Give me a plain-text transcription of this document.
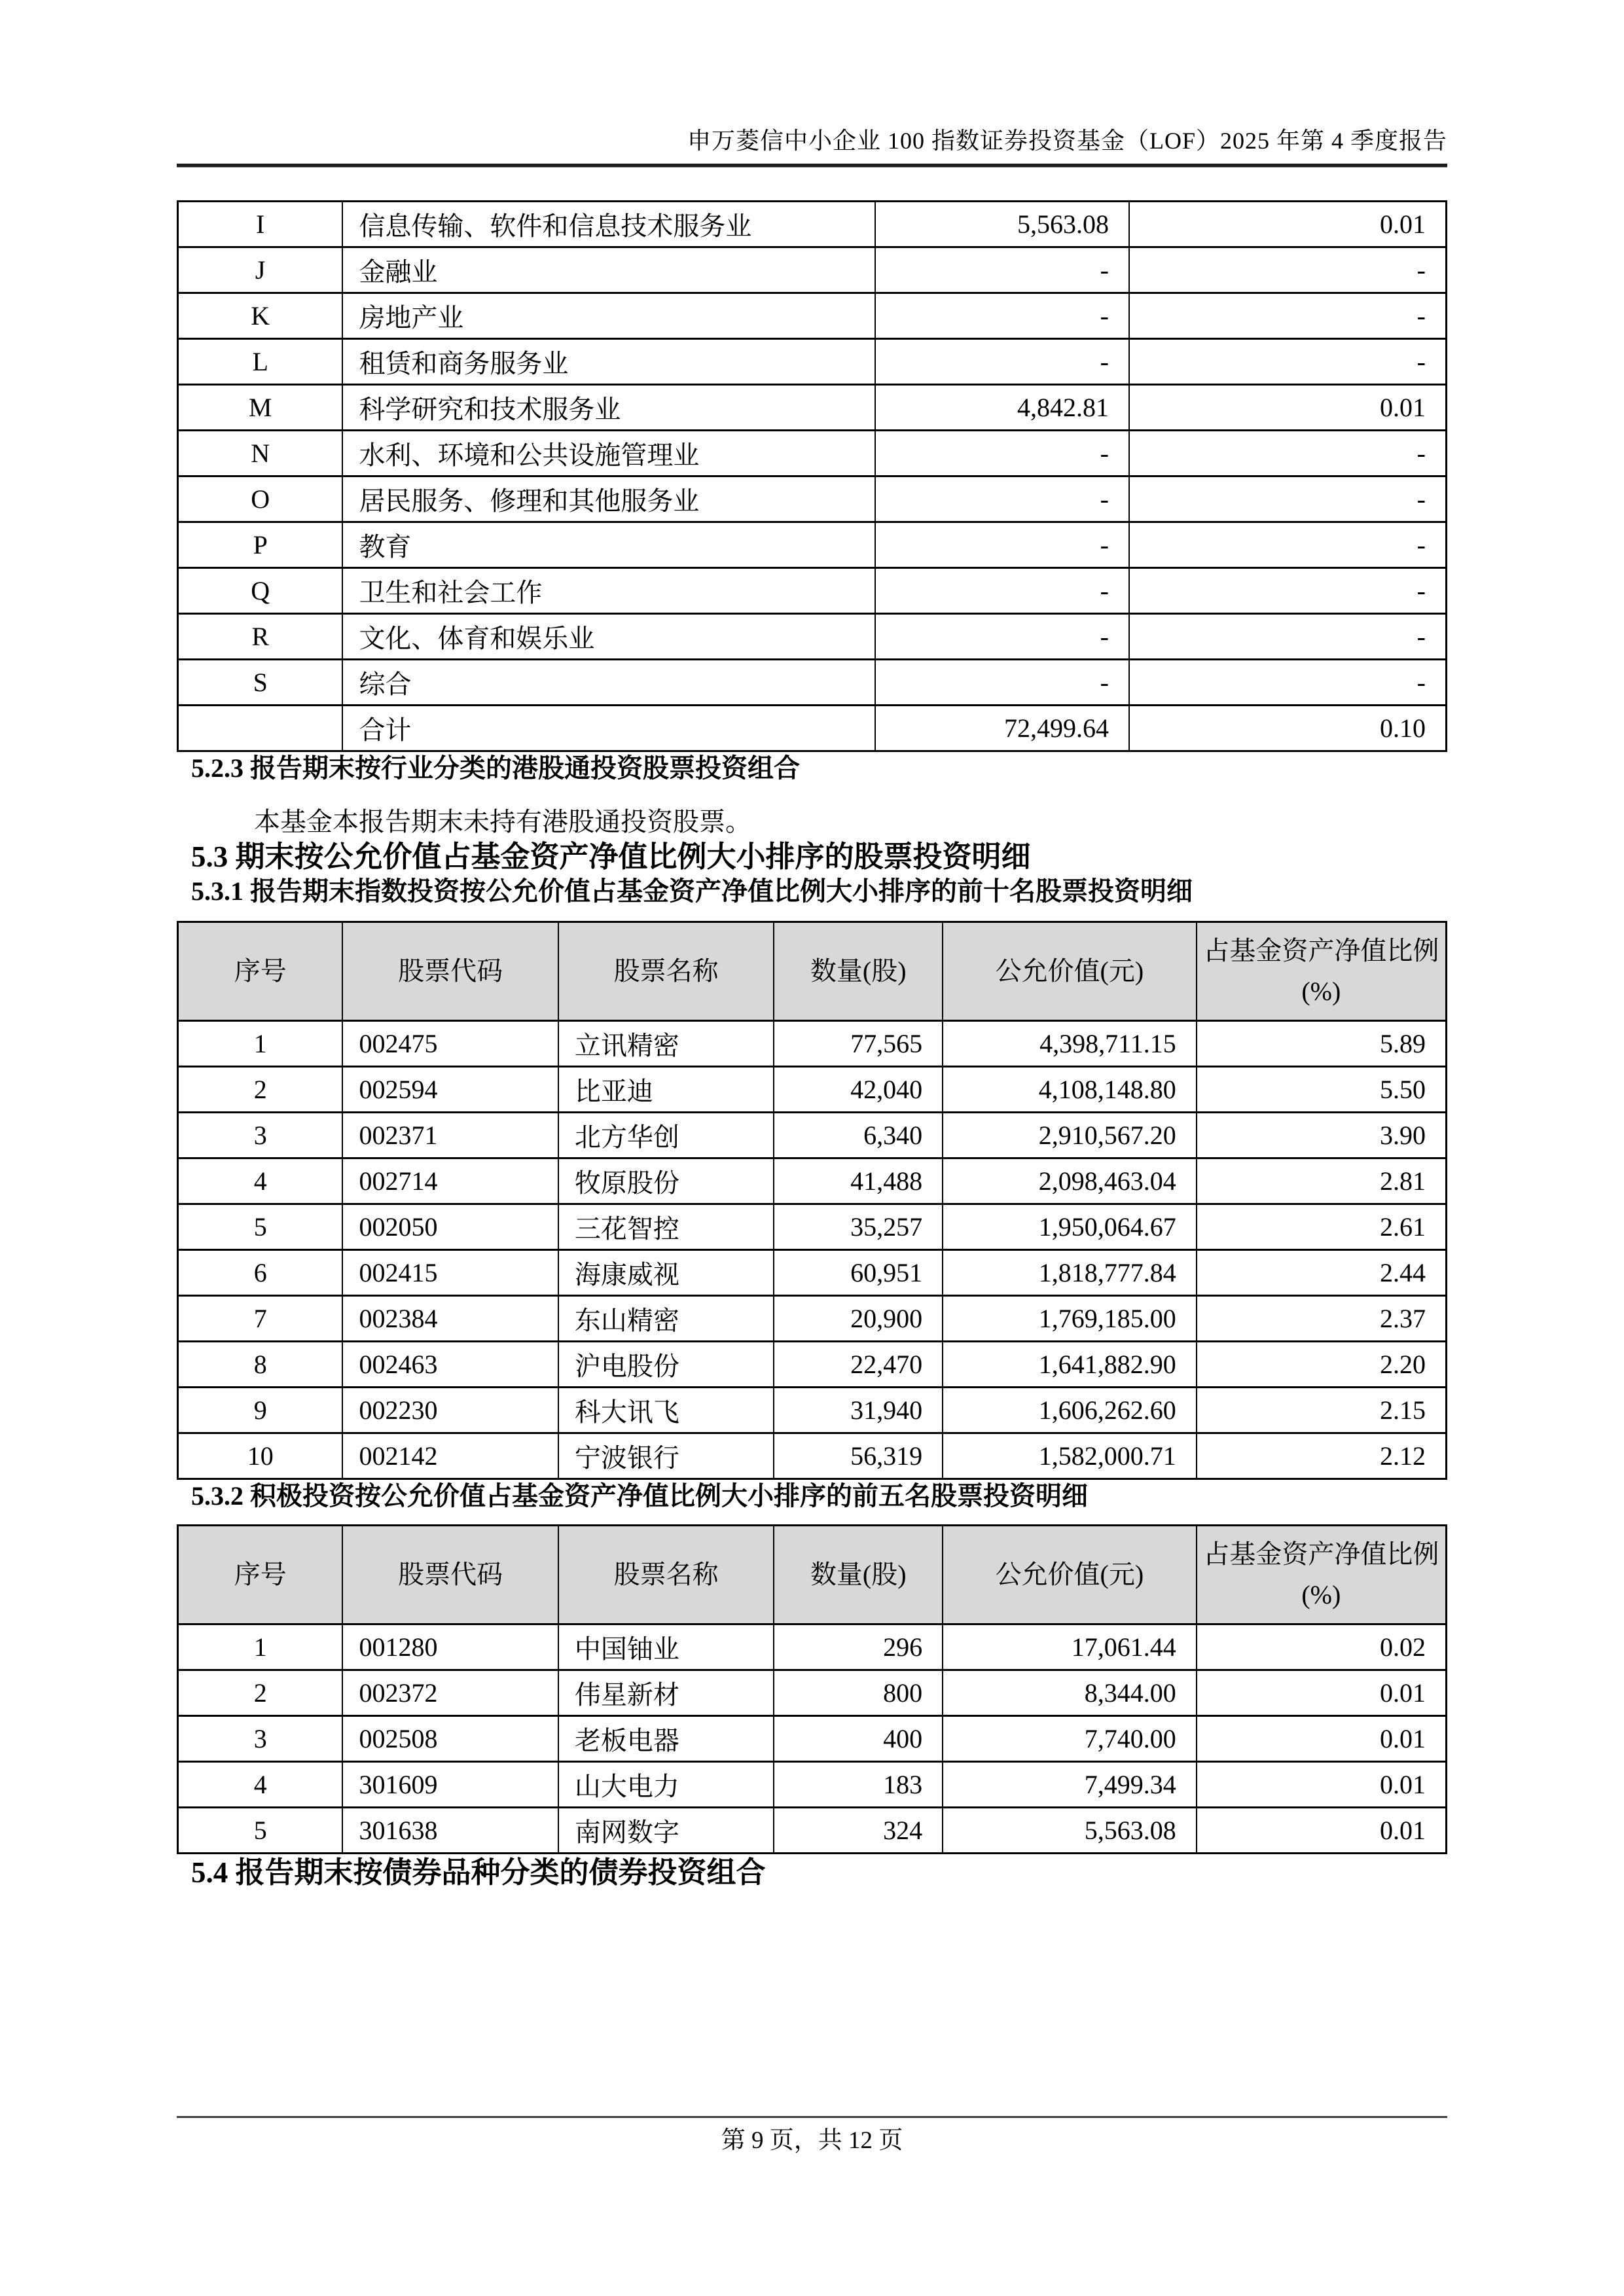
申万菱信中小企业 100 指数证券投资基金（LOF）2025 年第 4 季度报告
I	信息传输、软件和信息技术服务业	5,563.08	0.01
J	金融业	-	-
K	房地产业	-	-
L	租赁和商务服务业	-	-
M	科学研究和技术服务业	4,842.81	0.01
N	水利、环境和公共设施管理业	-	-
O	居民服务、修理和其他服务业	-	-
P	教育	-	-
Q	卫生和社会工作	-	-
R	文化、体育和娱乐业	-	-
S	综合	-	-
	合计	72,499.64	0.10
5.2.3 报告期末按行业分类的港股通投资股票投资组合

本基金本报告期末未持有港股通投资股票。

5.3 期末按公允价值占基金资产净值比例大小排序的股票投资明细
5.3.1 报告期末指数投资按公允价值占基金资产净值比例大小排序的前十名股票投资明细
序号	股票代码	股票名称	数量(股)	公允价值(元)	占基金资产净值比例(%)
1	002475	立讯精密	77,565	4,398,711.15	5.89
2	002594	比亚迪	42,040	4,108,148.80	5.50
3	002371	北方华创	6,340	2,910,567.20	3.90
4	002714	牧原股份	41,488	2,098,463.04	2.81
5	002050	三花智控	35,257	1,950,064.67	2.61
6	002415	海康威视	60,951	1,818,777.84	2.44
7	002384	东山精密	20,900	1,769,185.00	2.37
8	002463	沪电股份	22,470	1,641,882.90	2.20
9	002230	科大讯飞	31,940	1,606,262.60	2.15
10	002142	宁波银行	56,319	1,582,000.71	2.12
5.3.2 积极投资按公允价值占基金资产净值比例大小排序的前五名股票投资明细
序号	股票代码	股票名称	数量(股)	公允价值(元)	占基金资产净值比例(%)
1	001280	中国铀业	296	17,061.44	0.02
2	002372	伟星新材	800	8,344.00	0.01
3	002508	老板电器	400	7,740.00	0.01
4	301609	山大电力	183	7,499.34	0.01
5	301638	南网数字	324	5,563.08	0.01
5.4 报告期末按债券品种分类的债券投资组合
第 9 页，共 12 页
